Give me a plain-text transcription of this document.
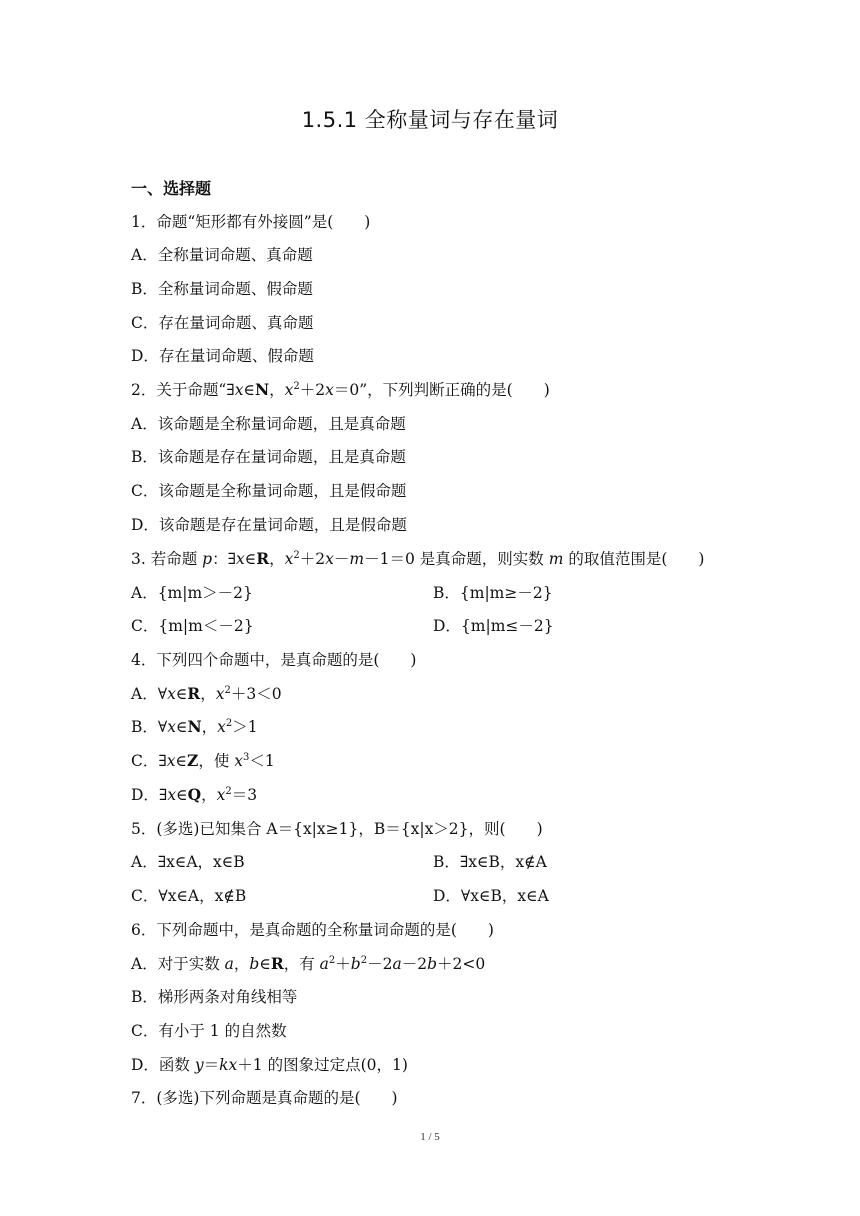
1.5.1 全称量词与存在量词
一、选择题
1．命题“矩形都有外接圆”是(　　)
A．全称量词命题、真命题
B．全称量词命题、假命题
C．存在量词命题、真命题
D．存在量词命题、假命题
2．关于命题“∃x∈N，$x^2+2x=0$”，下列判断正确的是(　　)
A．该命题是全称量词命题，且是真命题
B．该命题是存在量词命题，且是真命题
C．该命题是全称量词命题，且是假命题
D．该命题是存在量词命题，且是假命题
3. 若命题 p：∃x∈R，$x^2+2x-m-1=0$ 是真命题，则实数 m 的取值范围是(　　)
A．{m|m＞－2}	B．{m|m≥－2}
C．{m|m＜－2}	D．{m|m≤－2}
4．下列四个命题中，是真命题的是(　　)
A．∀x∈R，$x^2+3<0$
B．∀x∈N，$x^2>1$
C．∃x∈Z，使 $x^3<1$
D．∃x∈Q，$x^2=3$
5．(多选)已知集合 A＝{x|x≥1}，B＝{x|x＞2}，则(　　)
A．∃x∈A，x∈B	B．∃x∈B，x∉A
C．∀x∈A，x∉B	D．∀x∈B，x∈A
6．下列命题中，是真命题的全称量词命题的是(　　)
A．对于实数 a，b∈R，有 $a^2+b^2-2a-2b+2<0$
B．梯形两条对角线相等
C．有小于 1 的自然数
D．函数 y＝kx＋1 的图象过定点(0，1)
7．(多选)下列命题是真命题的是(　　)
1 / 5
